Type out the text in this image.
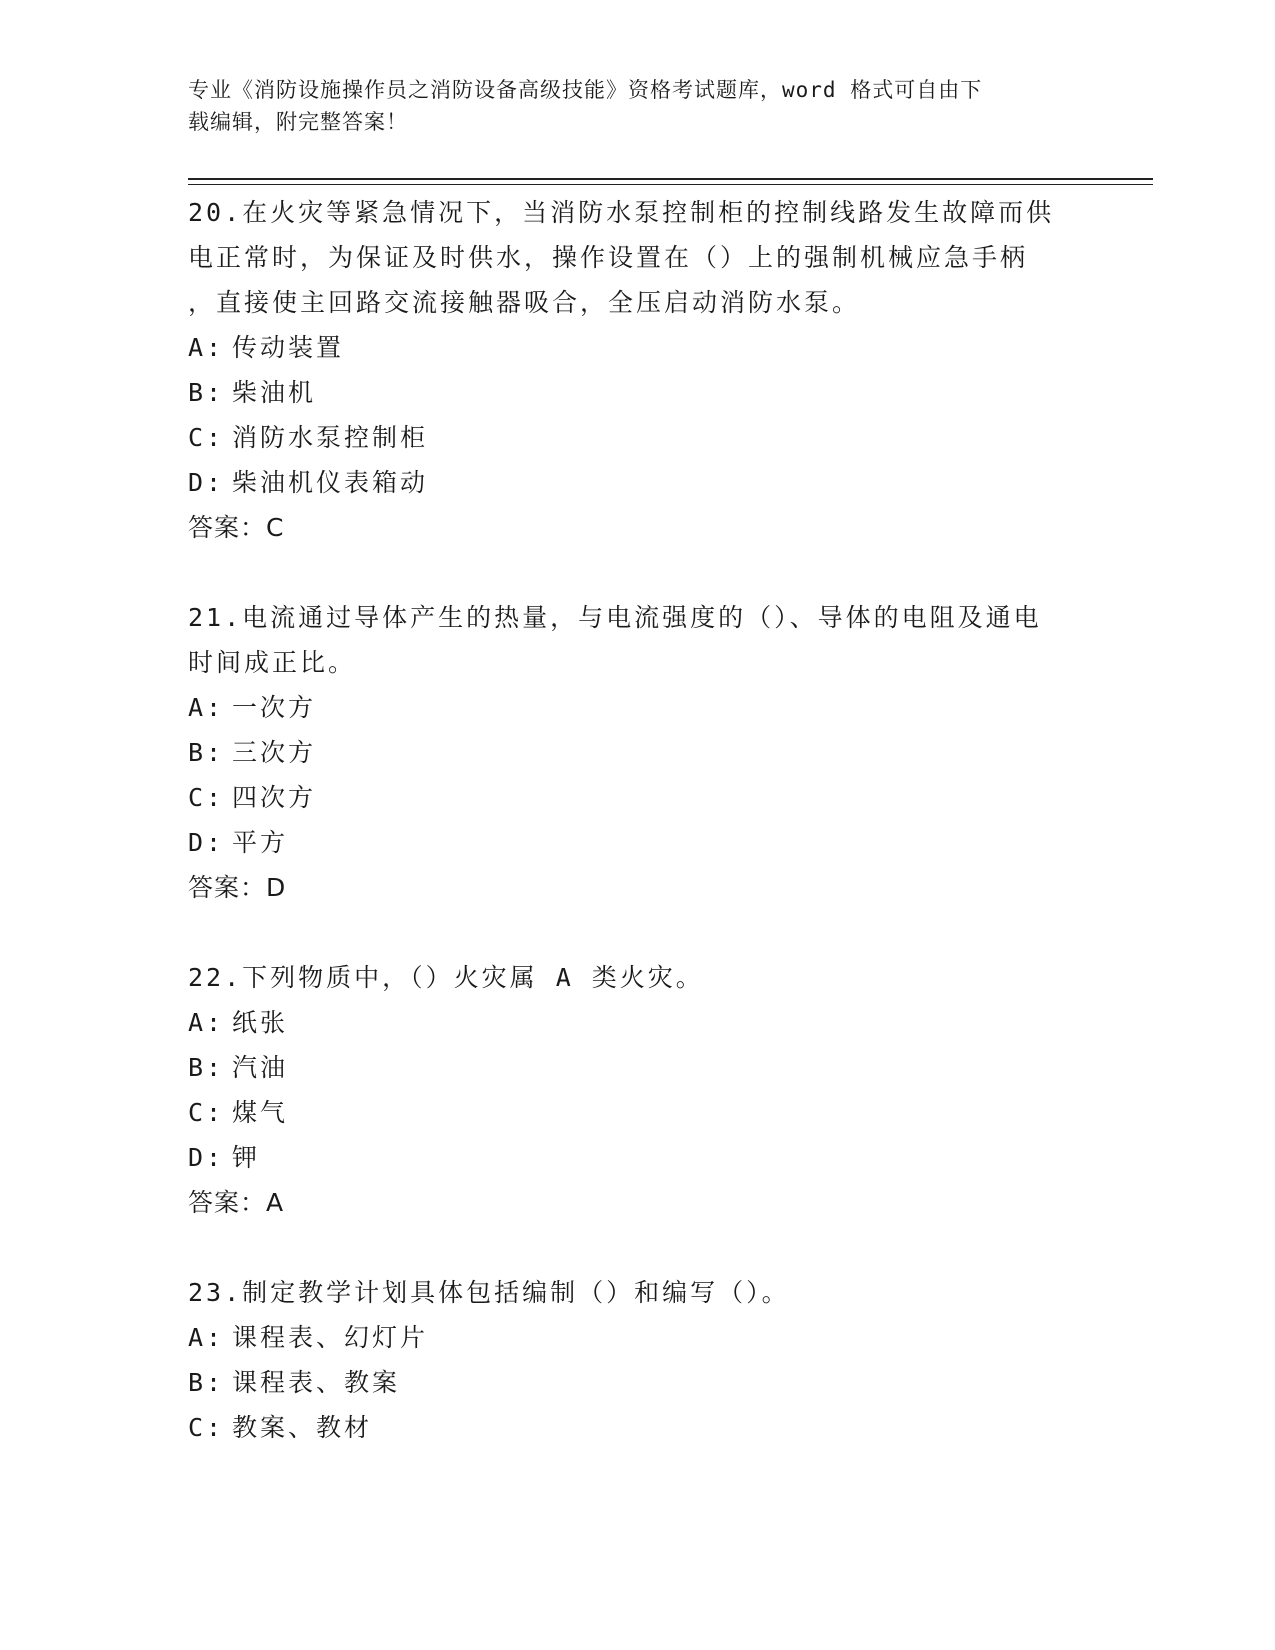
专业《消防设施操作员之消防设备高级技能》资格考试题库，word 格式可自由下
载编辑，附完整答案！

20.在火灾等紧急情况下，当消防水泵控制柜的控制线路发生故障而供

电正常时，为保证及时供水，操作设置在（）上的强制机械应急手柄

，直接使主回路交流接触器吸合，全压启动消防水泵。

A: 传动装置
B: 柴油机
C: 消防水泵控制柜
D: 柴油机仪表箱动

答案：C

21.电流通过导体产生的热量，与电流强度的（）、导体的电阻及通电

时间成正比。

A: 一次方
B: 三次方
C: 四次方
D: 平方

答案：D

22.下列物质中，（）火灾属 A 类火灾。

A: 纸张
B: 汽油
C: 煤气
D: 钾

答案：A

23.制定教学计划具体包括编制（）和编写（）。

A: 课程表、幻灯片
B: 课程表、教案
C: 教案、教材
